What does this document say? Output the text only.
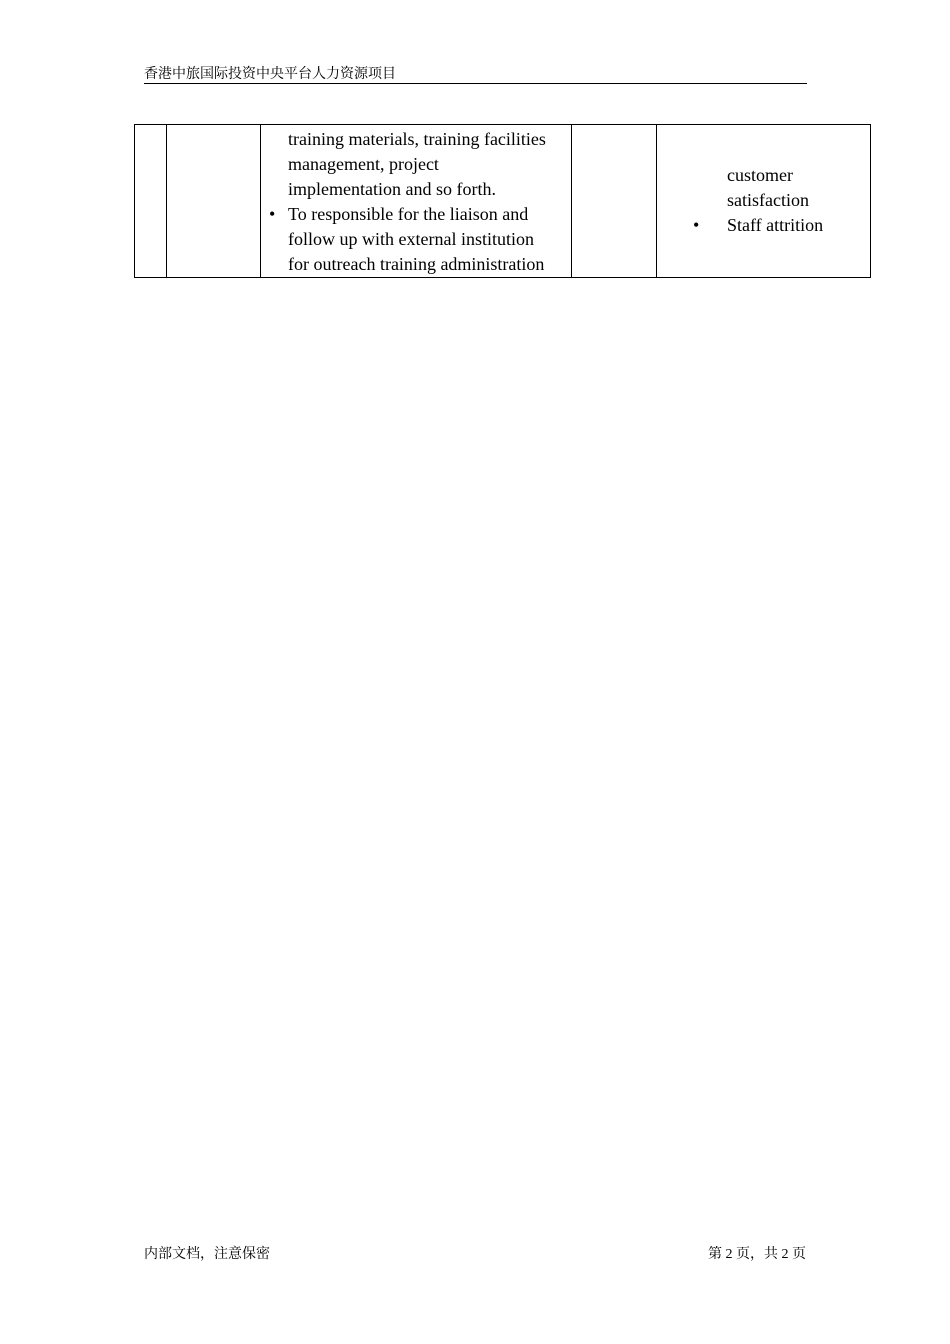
香港中旅国际投资中央平台人力资源项目

training materials, training facilities
management, project
implementation and so forth.
• To responsible for the liaison and
follow up with external institution
for outreach training administration

customer
satisfaction
• Staff attrition
内部文档，注意保密	第 2 页，共 2 页
